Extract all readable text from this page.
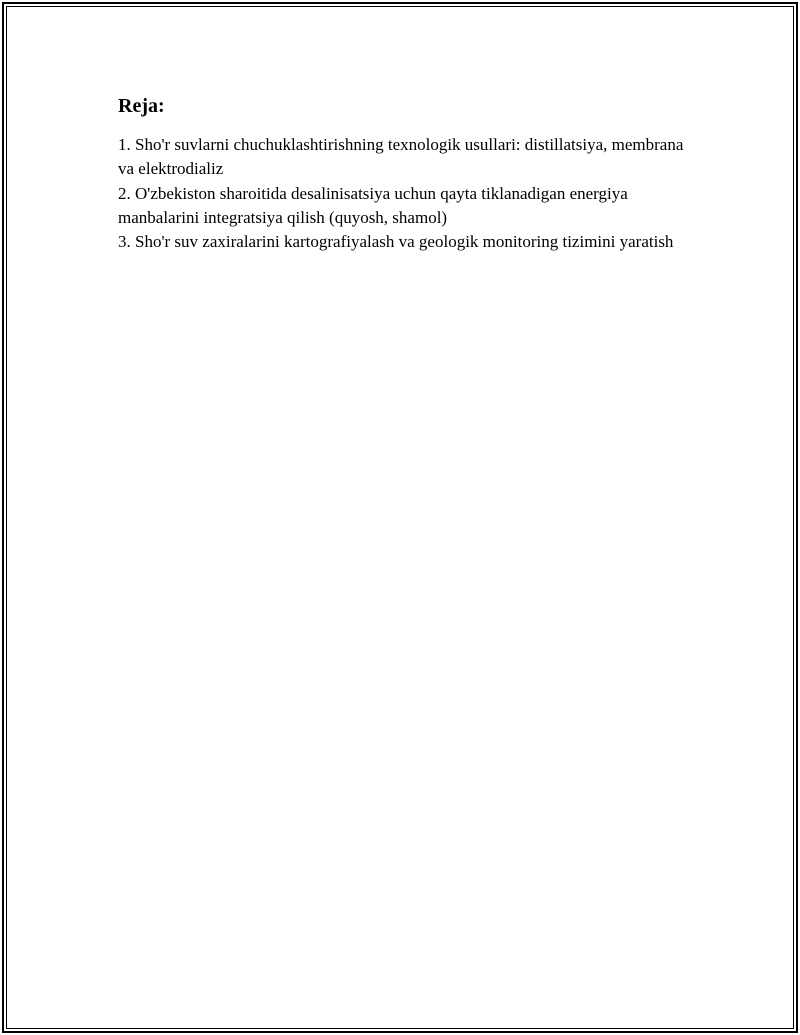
Reja:
1. Sho'r suvlarni chuchuklashtirishning texnologik usullari: distillatsiya, membrana va elektrodializ
2. O'zbekiston sharoitida desalinisatsiya uchun qayta tiklanadigan energiya manbalarini integratsiya qilish (quyosh, shamol)
3. Sho'r suv zaxiralarini kartografiyalash va geologik monitoring tizimini yaratish
